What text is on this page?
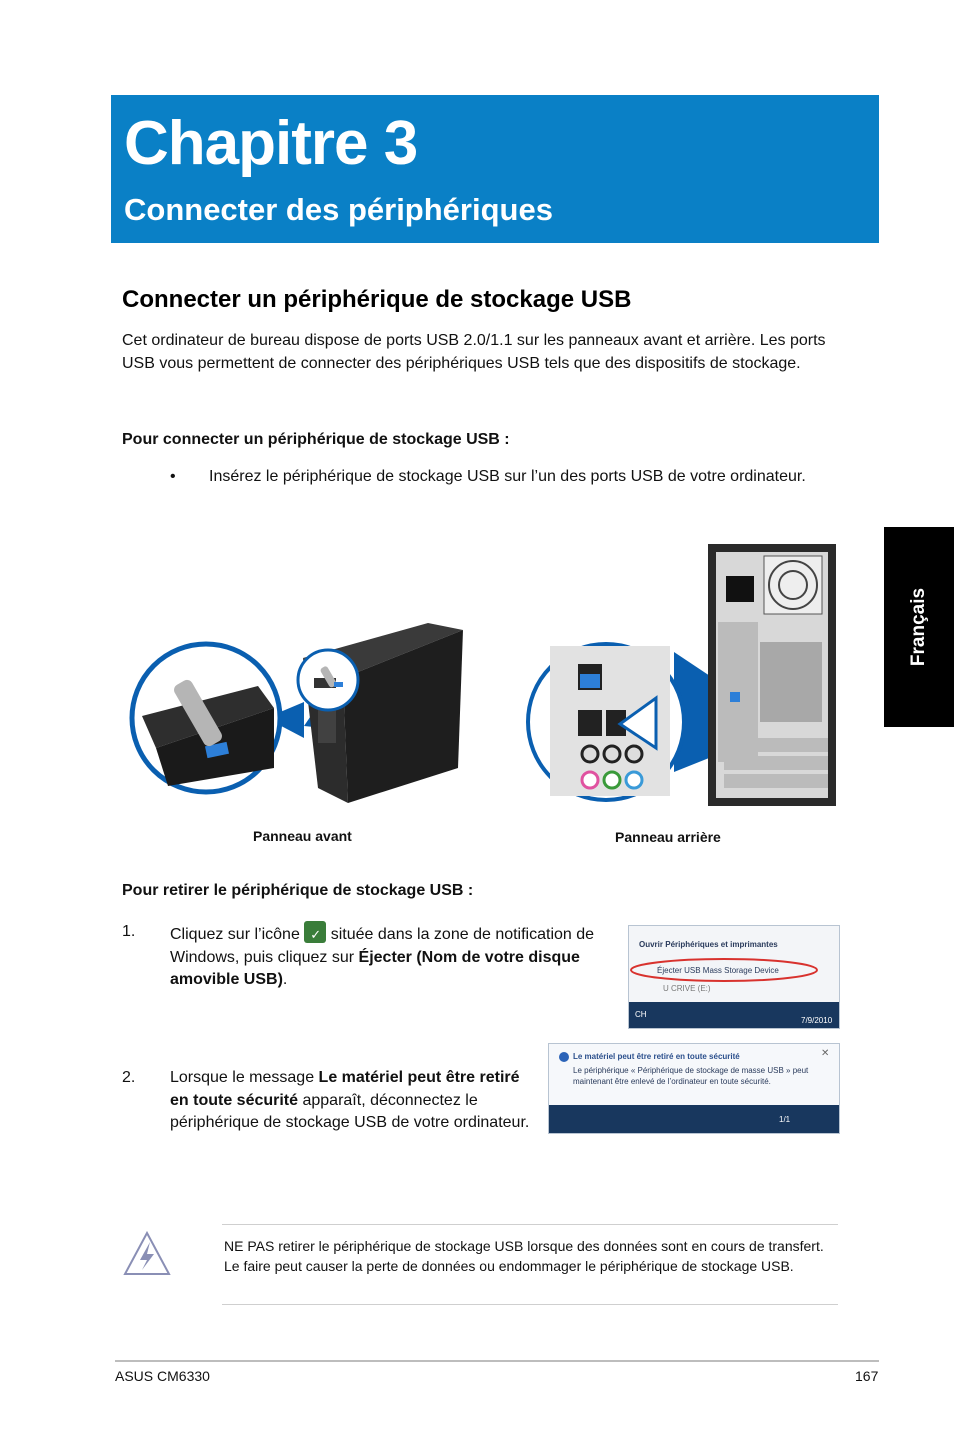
Chapitre 3
Connecter des périphériques
Connecter un périphérique de stockage USB
Cet ordinateur de bureau dispose de ports USB 2.0/1.1 sur les panneaux avant et arrière. Les ports USB vous permettent de connecter des périphériques USB tels que des dispositifs de stockage.
Pour connecter un périphérique de stockage USB :
• Insérez le périphérique de stockage USB sur l’un des ports USB de votre ordinateur.
Français
Panneau avant	Panneau arrière
Pour retirer le périphérique de stockage USB :
1. Cliquez sur l’icône ✓ située dans la zone de notification de Windows, puis cliquez sur Éjecter (Nom de votre disque amovible USB).
Ouvrir Périphériques et imprimantes
Éjecter USB Mass Storage Device
U CRIVE (E:)
CH
7/9/2010
2. Lorsque le message Le matériel peut être retiré en toute sécurité apparaît, déconnectez le périphérique de stockage USB de votre ordinateur.
Le matériel peut être retiré en toute sécurité
Le périphérique « Périphérique de stockage de masse USB » peut
maintenant être enlevé de l’ordinateur en toute sécurité.
✕
1/1
NE PAS retirer le périphérique de stockage USB lorsque des données sont en cours de transfert. Le faire peut causer la perte de données ou endommager le périphérique de stockage USB.
ASUS CM6330	167
